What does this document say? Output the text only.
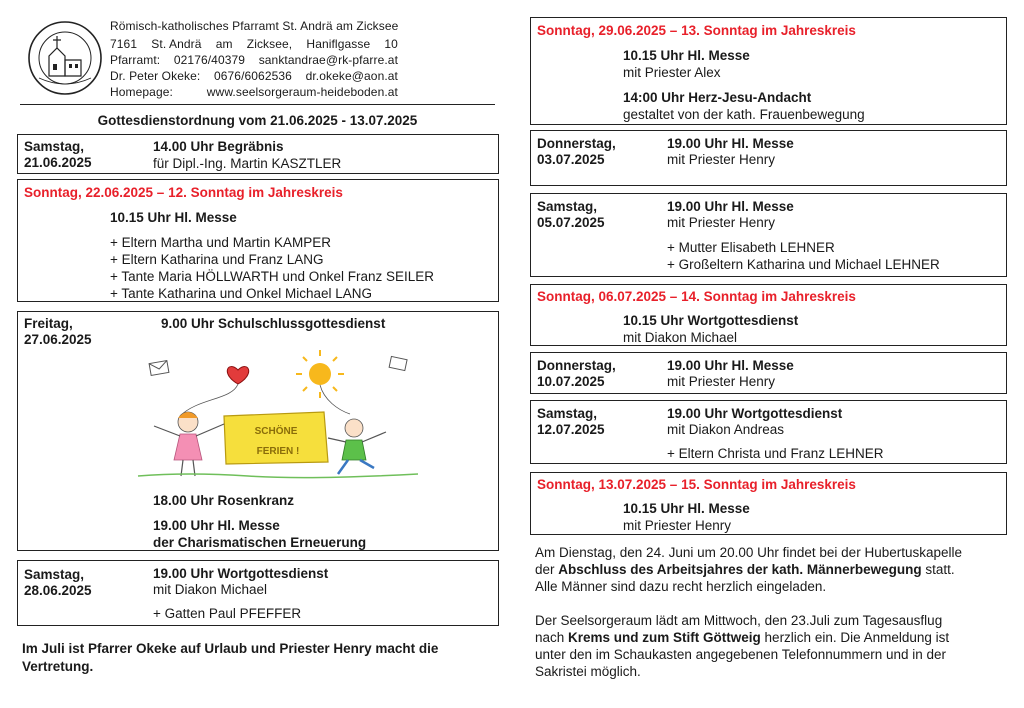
Römisch-katholisches Pfarramt St. Andrä am Zicksee
7161 St. Andrä am Zicksee, Haniflgasse 10
Pfarramt: 02176/40379 sanktandrae@rk-pfarre.at
Dr. Peter Okeke: 0676/6062536 dr.okeke@aon.at
Homepage:	www.seelsorgeraum-heideboden.at
Gottesdienstordnung vom 21.06.2025 - 13.07.2025
Samstag,
21.06.2025
14.00 Uhr Begräbnis
für Dipl.-Ing. Martin KASZTLER
Sonntag, 22.06.2025 – 12. Sonntag im Jahreskreis
10.15 Uhr Hl. Messe
+ Eltern Martha und Martin KAMPER
+ Eltern Katharina und Franz LANG
+ Tante Maria HÖLLWARTH und Onkel Franz SEILER
+ Tante Katharina und Onkel Michael LANG
Freitag,
27.06.2025
9.00 Uhr Schulschlussgottesdienst
SCHÖNE
FERIEN !
18.00 Uhr Rosenkranz
19.00 Uhr Hl. Messe
der Charismatischen Erneuerung
Samstag,
28.06.2025
19.00 Uhr Wortgottesdienst
mit Diakon Michael
+ Gatten Paul PFEFFER
Im Juli ist Pfarrer Okeke auf Urlaub und Priester Henry macht die Vertretung.
Sonntag, 29.06.2025 – 13. Sonntag im Jahreskreis
10.15 Uhr Hl. Messe
mit Priester Alex
14:00 Uhr Herz-Jesu-Andacht
gestaltet von der kath. Frauenbewegung
Donnerstag,
03.07.2025
19.00 Uhr Hl. Messe
mit Priester Henry
Samstag,
05.07.2025
19.00 Uhr Hl. Messe
mit Priester Henry
+ Mutter Elisabeth LEHNER
+ Großeltern Katharina und Michael LEHNER
Sonntag, 06.07.2025 – 14. Sonntag im Jahreskreis
10.15 Uhr Wortgottesdienst
mit Diakon Michael
Donnerstag,
10.07.2025
19.00 Uhr Hl. Messe
mit Priester Henry
Samstag,
12.07.2025
19.00 Uhr Wortgottesdienst
mit Diakon Andreas
+ Eltern Christa und Franz LEHNER
Sonntag, 13.07.2025 – 15. Sonntag im Jahreskreis
10.15 Uhr Hl. Messe
mit Priester Henry
Am Dienstag, den 24. Juni um 20.00 Uhr findet bei der Hubertuskapelle
der Abschluss des Arbeitsjahres der kath. Männerbewegung statt.
Alle Männer sind dazu recht herzlich eingeladen.
Der Seelsorgeraum lädt am Mittwoch, den 23.Juli zum Tagesausflug
nach Krems und zum Stift Göttweig herzlich ein. Die Anmeldung ist
unter den im Schaukasten angegebenen Telefonnummern und in der
Sakristei möglich.
